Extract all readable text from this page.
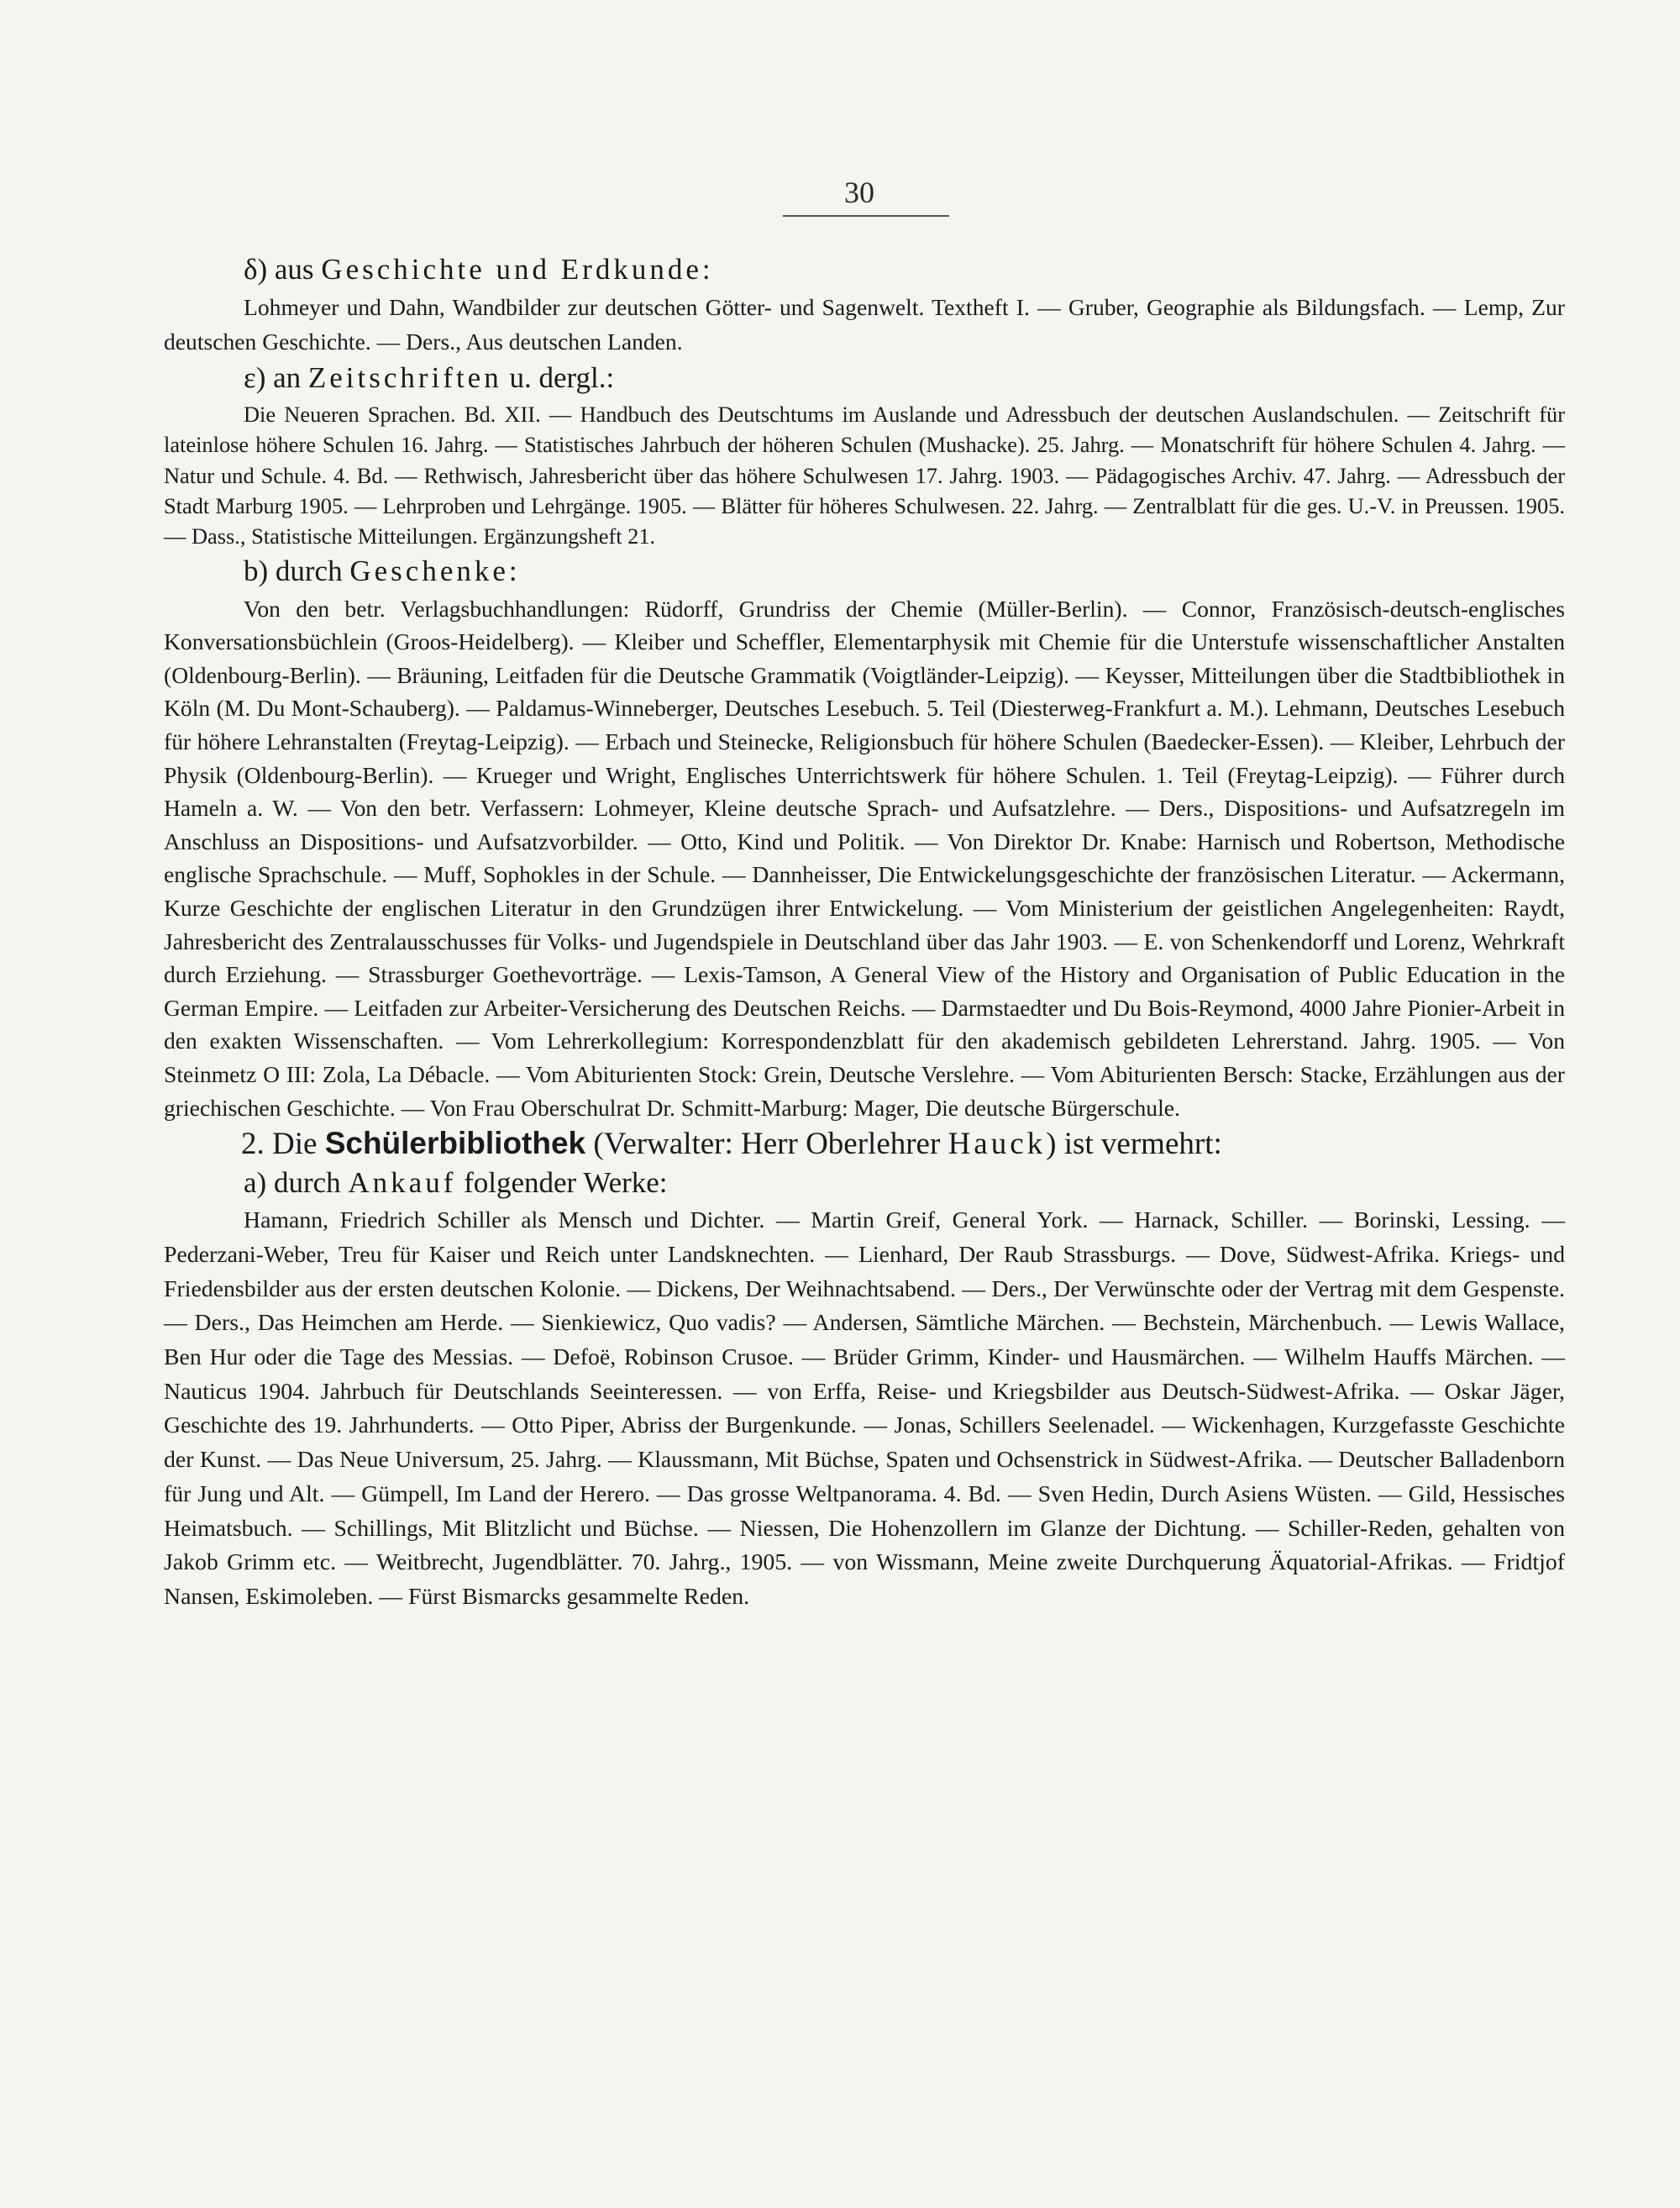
30
δ) aus Geschichte und Erdkunde:

Lohmeyer und Dahn, Wandbilder zur deutschen Götter- und Sagenwelt. Textheft I. — Gruber, Geographie als Bildungsfach. — Lemp, Zur deutschen Geschichte. — Ders., Aus deutschen Landen.

ε) an Zeitschriften u. dergl.:

Die Neueren Sprachen. Bd. XII. — Handbuch des Deutschtums im Auslande und Adressbuch der deutschen Auslandschulen. — Zeitschrift für lateinlose höhere Schulen 16. Jahrg. — Statistisches Jahrbuch der höheren Schulen (Mushacke). 25. Jahrg. — Monatschrift für höhere Schulen 4. Jahrg. — Natur und Schule. 4. Bd. — Rethwisch, Jahresbericht über das höhere Schulwesen 17. Jahrg. 1903. — Pädagogisches Archiv. 47. Jahrg. — Adressbuch der Stadt Marburg 1905. — Lehrproben und Lehrgänge. 1905. — Blätter für höheres Schulwesen. 22. Jahrg. — Zentralblatt für die ges. U.-V. in Preussen. 1905. — Dass., Statistische Mitteilungen. Ergänzungsheft 21.

b) durch Geschenke:

Von den betr. Verlagsbuchhandlungen: Rüdorff, Grundriss der Chemie (Müller-Berlin). — Connor, Französisch-deutsch-englisches Konversationsbüchlein (Groos-Heidelberg). — Kleiber und Scheffler, Elementarphysik mit Chemie für die Unterstufe wissenschaftlicher Anstalten (Oldenbourg-Berlin). — Bräuning, Leitfaden für die Deutsche Grammatik (Voigtländer-Leipzig). — Keysser, Mitteilungen über die Stadtbibliothek in Köln (M. Du Mont-Schauberg). — Paldamus-Winneberger, Deutsches Lesebuch. 5. Teil (Diesterweg-Frankfurt a. M.). Lehmann, Deutsches Lesebuch für höhere Lehranstalten (Freytag-Leipzig). — Erbach und Steinecke, Religionsbuch für höhere Schulen (Baedecker-Essen). — Kleiber, Lehrbuch der Physik (Oldenbourg-Berlin). — Krueger und Wright, Englisches Unterrichtswerk für höhere Schulen. 1. Teil (Freytag-Leipzig). — Führer durch Hameln a. W. — Von den betr. Verfassern: Lohmeyer, Kleine deutsche Sprach- und Aufsatzlehre. — Ders., Dispositions- und Aufsatzregeln im Anschluss an Dispositions- und Aufsatzvorbilder. — Otto, Kind und Politik. — Von Direktor Dr. Knabe: Harnisch und Robertson, Methodische englische Sprachschule. — Muff, Sophokles in der Schule. — Dannheisser, Die Entwickelungsgeschichte der französischen Literatur. — Ackermann, Kurze Geschichte der englischen Literatur in den Grundzügen ihrer Entwickelung. — Vom Ministerium der geistlichen Angelegenheiten: Raydt, Jahresbericht des Zentralausschusses für Volks- und Jugendspiele in Deutschland über das Jahr 1903. — E. von Schenkendorff und Lorenz, Wehrkraft durch Erziehung. — Strassburger Goethevorträge. — Lexis-Tamson, A General View of the History and Organisation of Public Education in the German Empire. — Leitfaden zur Arbeiter-Versicherung des Deutschen Reichs. — Darmstaedter und Du Bois-Reymond, 4000 Jahre Pionier-Arbeit in den exakten Wissenschaften. — Vom Lehrerkollegium: Korrespondenzblatt für den akademisch gebildeten Lehrerstand. Jahrg. 1905. — Von Steinmetz O III: Zola, La Débacle. — Vom Abiturienten Stock: Grein, Deutsche Verslehre. — Vom Abiturienten Bersch: Stacke, Erzählungen aus der griechischen Geschichte. — Von Frau Oberschulrat Dr. Schmitt-Marburg: Mager, Die deutsche Bürgerschule.

2. Die Schülerbibliothek (Verwalter: Herr Oberlehrer Hauck) ist vermehrt:
a) durch Ankauf folgender Werke:

Hamann, Friedrich Schiller als Mensch und Dichter. — Martin Greif, General York. — Harnack, Schiller. — Borinski, Lessing. — Pederzani-Weber, Treu für Kaiser und Reich unter Landsknechten. — Lienhard, Der Raub Strassburgs. — Dove, Südwest-Afrika. Kriegs- und Friedensbilder aus der ersten deutschen Kolonie. — Dickens, Der Weihnachtsabend. — Ders., Der Verwünschte oder der Vertrag mit dem Gespenste. — Ders., Das Heimchen am Herde. — Sienkiewicz, Quo vadis? — Andersen, Sämtliche Märchen. — Bechstein, Märchenbuch. — Lewis Wallace, Ben Hur oder die Tage des Messias. — Defoë, Robinson Crusoe. — Brüder Grimm, Kinder- und Hausmärchen. — Wilhelm Hauffs Märchen. — Nauticus 1904. Jahrbuch für Deutschlands Seeinteressen. — von Erffa, Reise- und Kriegsbilder aus Deutsch-Südwest-Afrika. — Oskar Jäger, Geschichte des 19. Jahrhunderts. — Otto Piper, Abriss der Burgenkunde. — Jonas, Schillers Seelenadel. — Wickenhagen, Kurzgefasste Geschichte der Kunst. — Das Neue Universum, 25. Jahrg. — Klaussmann, Mit Büchse, Spaten und Ochsenstrick in Südwest-Afrika. — Deutscher Balladenborn für Jung und Alt. — Gümpell, Im Land der Herero. — Das grosse Weltpanorama. 4. Bd. — Sven Hedin, Durch Asiens Wüsten. — Gild, Hessisches Heimatsbuch. — Schillings, Mit Blitzlicht und Büchse. — Niessen, Die Hohenzollern im Glanze der Dichtung. — Schiller-Reden, gehalten von Jakob Grimm etc. — Weitbrecht, Jugendblätter. 70. Jahrg., 1905. — von Wissmann, Meine zweite Durchquerung Äquatorial-Afrikas. — Fridtjof Nansen, Eskimoleben. — Fürst Bismarcks gesammelte Reden.
